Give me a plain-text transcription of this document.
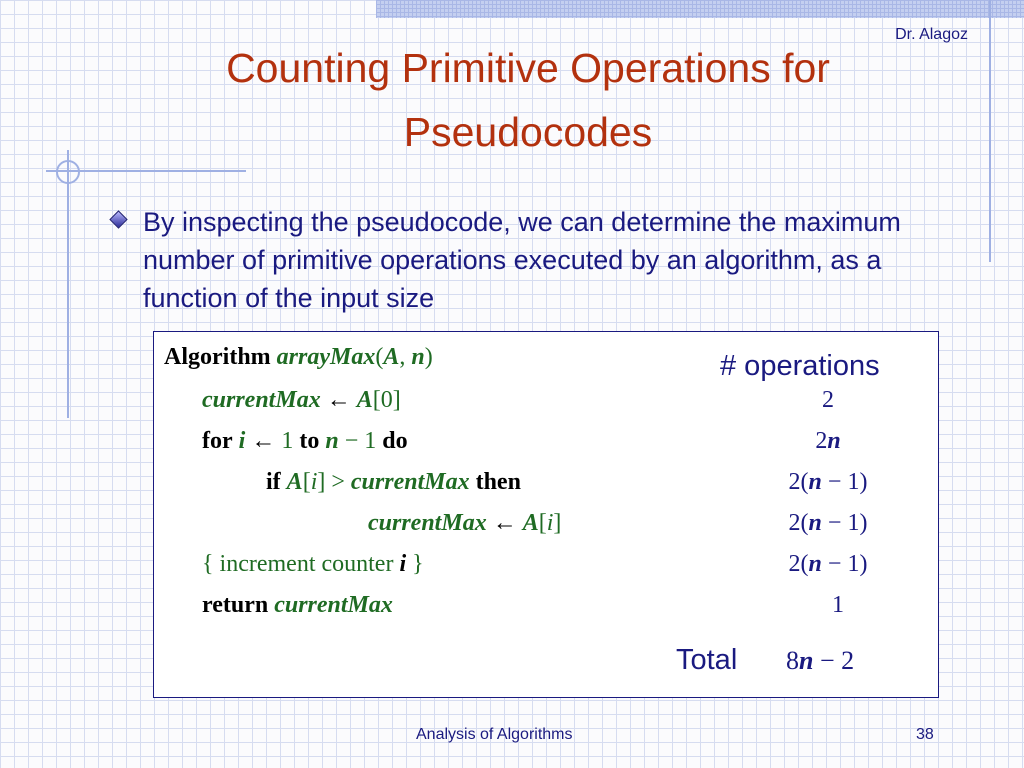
Dr. Alagoz
Counting Primitive Operations for
Pseudocodes
By inspecting the pseudocode, we can determine the maximum number of primitive operations executed by an algorithm, as a function of the input size
Algorithm arrayMax(A, n)	# operations
currentMax ← A[0]	2
for i ← 1 to n − 1 do	2n
if A[i] > currentMax then	2(n − 1)
currentMax ← A[i]	2(n − 1)
{ increment counter i }	2(n − 1)
return currentMax	1
Total 8n − 2
Analysis of Algorithms	38
